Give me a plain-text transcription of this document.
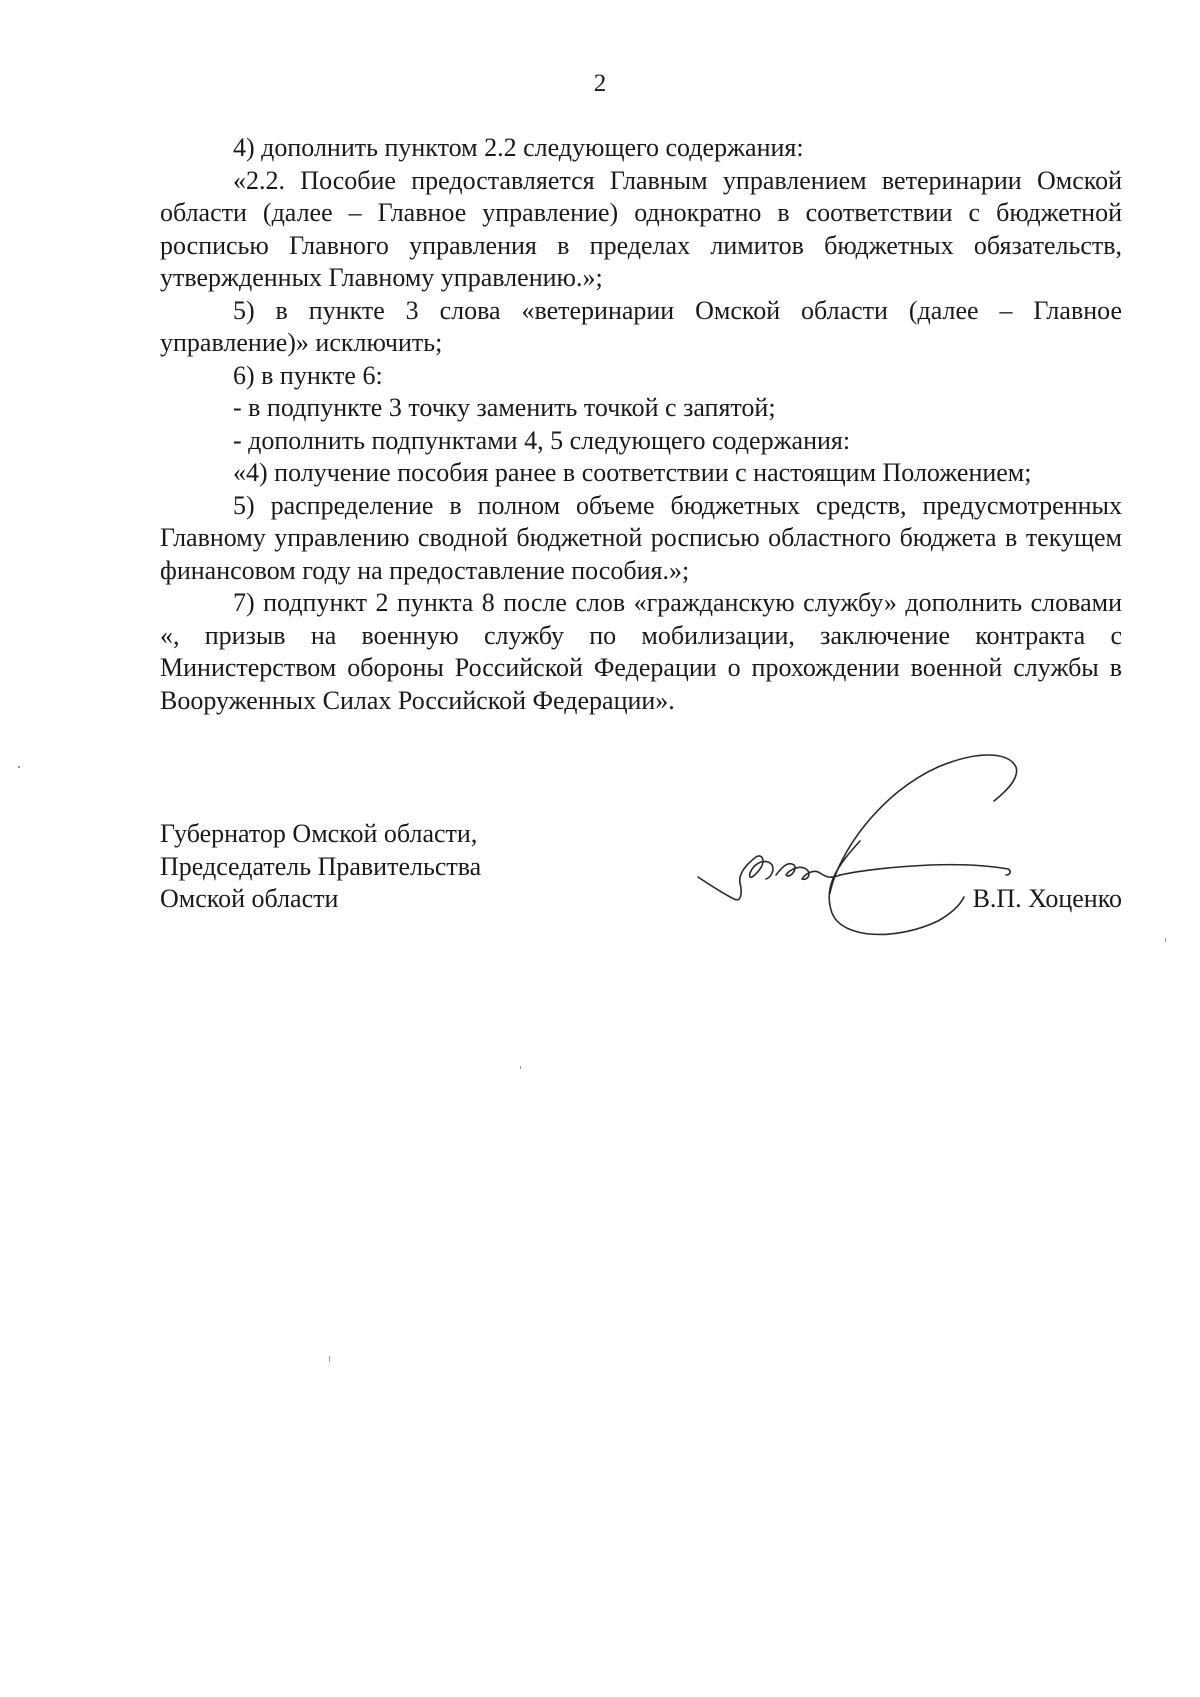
2

4) дополнить пунктом 2.2 следующего содержания:

«2.2. Пособие предоставляется Главным управлением ветеринарии Омской области (далее – Главное управление) однократно в соответствии с бюджетной росписью Главного управления в пределах лимитов бюджетных обязательств, утвержденных Главному управлению.»;

5) в пункте 3 слова «ветеринарии Омской области (далее – Главное управление)» исключить;

6) в пункте 6:

- в подпункте 3 точку заменить точкой с запятой;

- дополнить подпунктами 4, 5 следующего содержания:

«4) получение пособия ранее в соответствии с настоящим Положением;

5) распределение в полном объеме бюджетных средств, предусмотренных Главному управлению сводной бюджетной росписью областного бюджета в текущем финансовом году на предоставление пособия.»;

7) подпункт 2 пункта 8 после слов «гражданскую службу» дополнить словами «, призыв на военную службу по мобилизации, заключение контракта с Министерством обороны Российской Федерации о прохождении военной службы в Вооруженных Силах Российской Федерации».

Губернатор Омской области,
Председатель Правительства
Омской области	В.П. Хоценко
